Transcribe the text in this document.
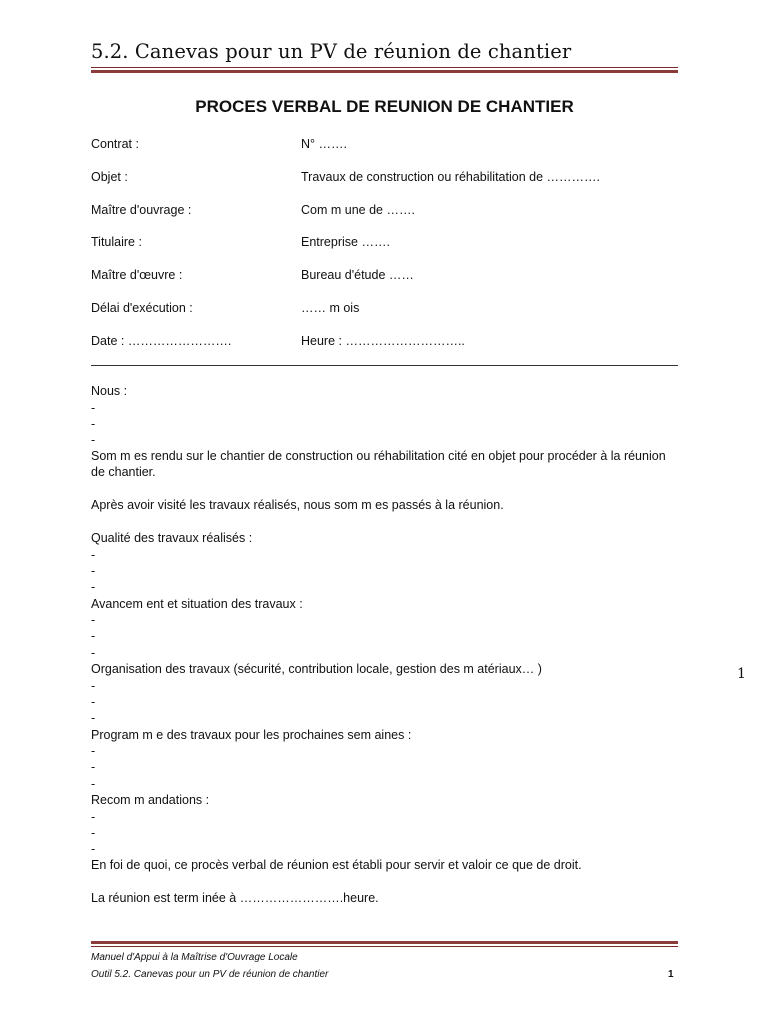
5.2. Canevas pour un PV de réunion de chantier
PROCES VERBAL DE REUNION DE CHANTIER
Contrat :	N° …….
Objet :	Travaux de construction ou réhabilitation de ………….
Maître d'ouvrage :	Com m une de …….
Titulaire :	Entreprise …….
Maître d'œuvre :	Bureau d'étude ……
Délai d'exécution :	…… m ois
Date : …………………….	Heure : ………………………..
Nous :
-
-
-
Som m es rendu sur le chantier de construction ou réhabilitation cité en objet pour procéder à la réunion de chantier.
Après avoir visité les travaux réalisés, nous som m es passés à la réunion.
Qualité des travaux réalisés :
-
-
-
Avancem ent et situation des travaux :
-
-
-
Organisation des travaux (sécurité, contribution locale, gestion des m atériaux… )
-
-
-
Program m e des travaux pour les prochaines sem aines :
-
-
-
Recom m andations :
-
-
-
En foi de quoi, ce procès verbal de réunion est établi pour servir et valoir ce que de droit.
La réunion est term inée à …………………….heure.
1
Manuel d'Appui à la Maîtrise d'Ouvrage Locale
Outil 5.2. Canevas pour un PV de réunion de chantier	1
